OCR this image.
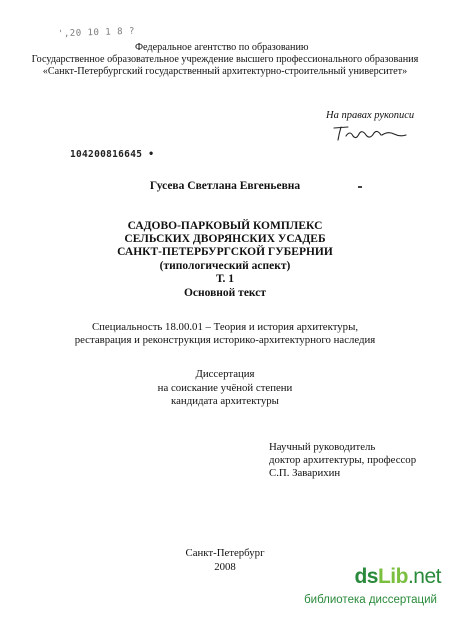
',20 10 1 8 ?
Федеральное агентство по образованию
Государственное образовательное учреждение высшего профессионального образования
«Санкт-Петербургский государственный архитектурно-строительный университет»
На правах рукописи
104200816645 •
Гусева Светлана Евгеньевна
САДОВО-ПАРКОВЫЙ КОМПЛЕКС
СЕЛЬСКИХ ДВОРЯНСКИХ УСАДЕБ
САНКТ-ПЕТЕРБУРГСКОЙ ГУБЕРНИИ
(типологический аспект)
Т. 1
Основной текст
Специальность 18.00.01 – Теория и история архитектуры,
реставрация и реконструкция историко-архитектурного наследия
Диссертация
на соискание учёной степени
кандидата архитектуры
Научный руководитель
доктор архитектуры, профессор
С.П. Заварихин
Санкт-Петербург
2008	dsLib.net
библиотека диссертаций
